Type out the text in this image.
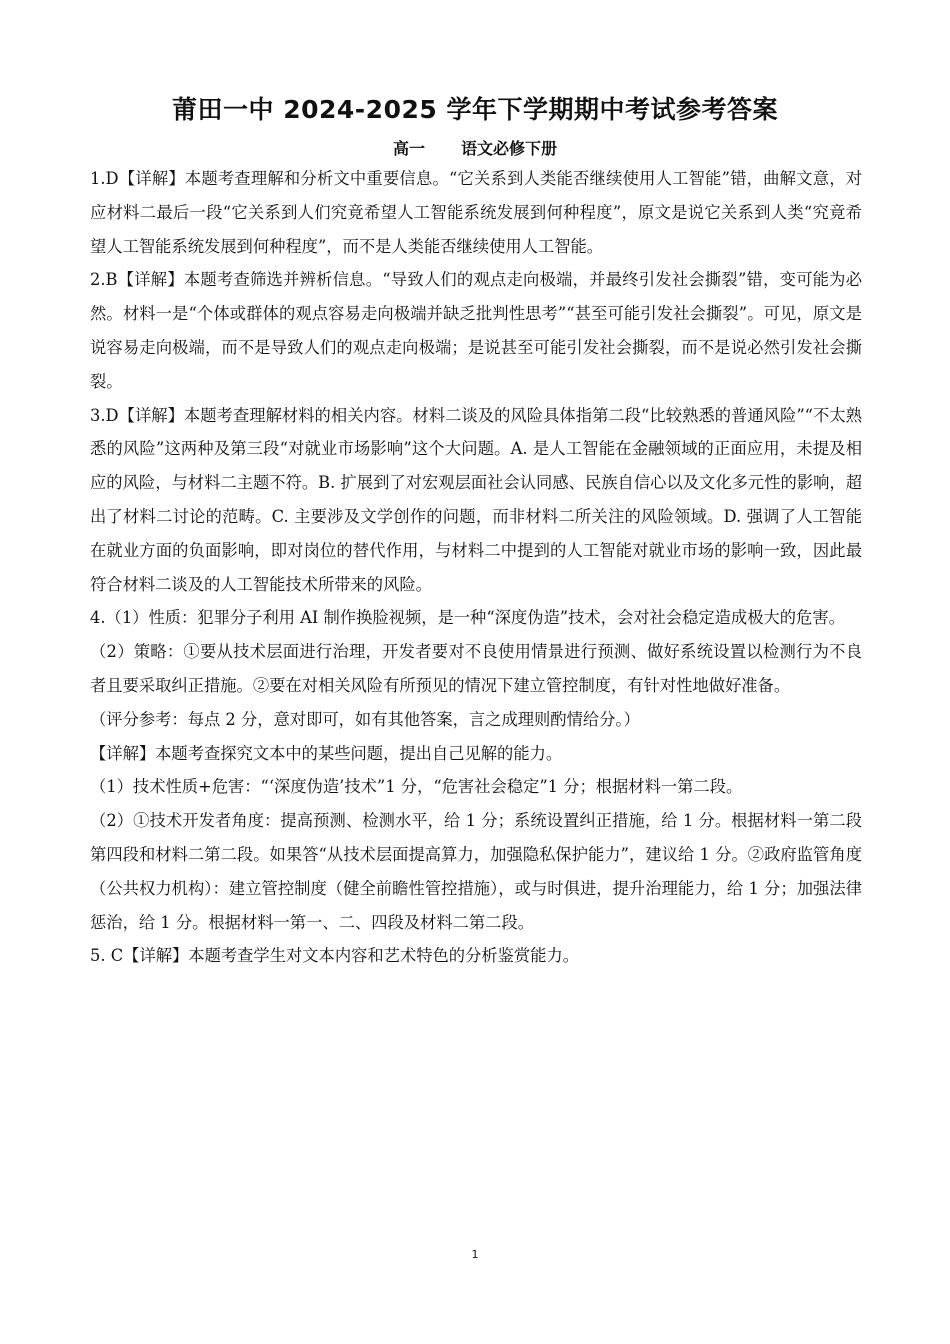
莆田一中 2024-2025 学年下学期期中考试参考答案
高一 语文必修下册

1.D【详解】本题考查理解和分析文中重要信息。“它关系到人类能否继续使用人工智能”错，曲解文意，对应材料二最后一段“它关系到人们究竟希望人工智能系统发展到何种程度”，原文是说它关系到人类“究竟希望人工智能系统发展到何种程度”，而不是人类能否继续使用人工智能。

2.B【详解】本题考查筛选并辨析信息。“导致人们的观点走向极端，并最终引发社会撕裂”错，变可能为必然。材料一是“个体或群体的观点容易走向极端并缺乏批判性思考”“甚至可能引发社会撕裂”。可见，原文是说容易走向极端，而不是导致人们的观点走向极端；是说甚至可能引发社会撕裂，而不是说必然引发社会撕裂。

3.D【详解】本题考查理解材料的相关内容。材料二谈及的风险具体指第二段“比较熟悉的普通风险”“不太熟悉的风险”这两种及第三段“对就业市场影响”这个大问题。A. 是人工智能在金融领域的正面应用，未提及相应的风险，与材料二主题不符。B. 扩展到了对宏观层面社会认同感、民族自信心以及文化多元性的影响，超出了材料二讨论的范畴。C. 主要涉及文学创作的问题，而非材料二所关注的风险领域。D. 强调了人工智能在就业方面的负面影响，即对岗位的替代作用，与材料二中提到的人工智能对就业市场的影响一致，因此最符合材料二谈及的人工智能技术所带来的风险。

4.（1）性质：犯罪分子利用 AI 制作换脸视频，是一种“深度伪造”技术，会对社会稳定造成极大的危害。

（2）策略：①要从技术层面进行治理，开发者要对不良使用情景进行预测、做好系统设置以检测行为不良者且要采取纠正措施。②要在对相关风险有所预见的情况下建立管控制度，有针对性地做好准备。

（评分参考：每点 2 分，意对即可，如有其他答案，言之成理则酌情给分。）

【详解】本题考查探究文本中的某些问题，提出自己见解的能力。

（1）技术性质+危害：“‘深度伪造’技术”1 分，“危害社会稳定”1 分；根据材料一第二段。

（2）①技术开发者角度：提高预测、检测水平，给 1 分；系统设置纠正措施，给 1 分。根据材料一第二段第四段和材料二第二段。如果答“从技术层面提高算力，加强隐私保护能力”，建议给 1 分。②政府监管角度（公共权力机构）：建立管控制度（健全前瞻性管控措施），或与时俱进，提升治理能力，给 1 分；加强法律惩治，给 1 分。根据材料一第一、二、四段及材料二第二段。

5. C【详解】本题考查学生对文本内容和艺术特色的分析鉴赏能力。

1
